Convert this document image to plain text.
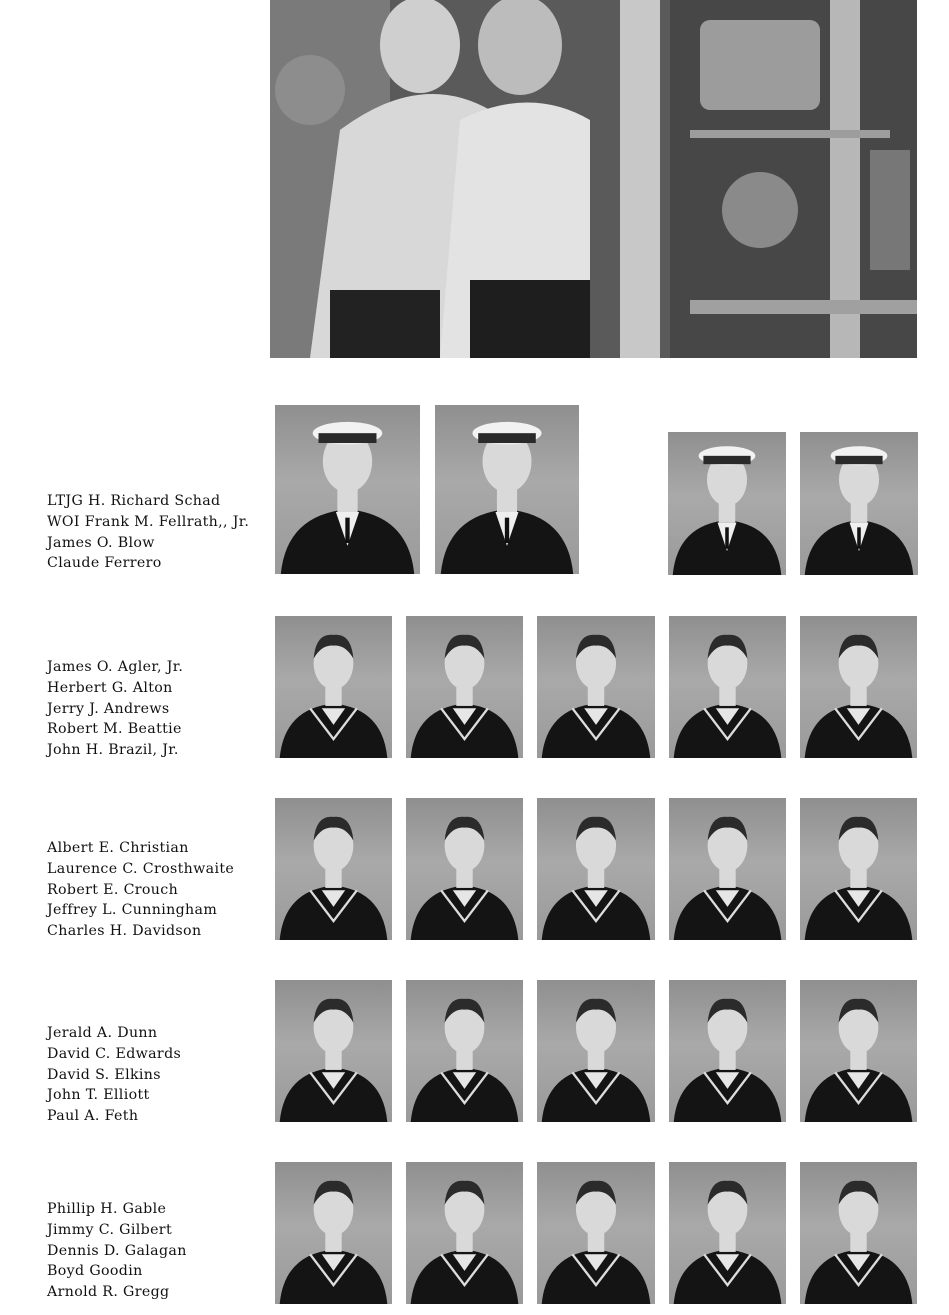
LTJG H. Richard Schad
WOI Frank M. Fellrath,, Jr.
James O. Blow
Claude Ferrero
James O. Agler, Jr.
Herbert G. Alton
Jerry J. Andrews
Robert M. Beattie
John H. Brazil, Jr.
Albert E. Christian
Laurence C. Crosthwaite
Robert E. Crouch
Jeffrey L. Cunningham
Charles H. Davidson
Jerald A. Dunn
David C. Edwards
David S. Elkins
John T. Elliott
Paul A. Feth
Phillip H. Gable
Jimmy C. Gilbert
Dennis D. Galagan
Boyd Goodin
Arnold R. Gregg
